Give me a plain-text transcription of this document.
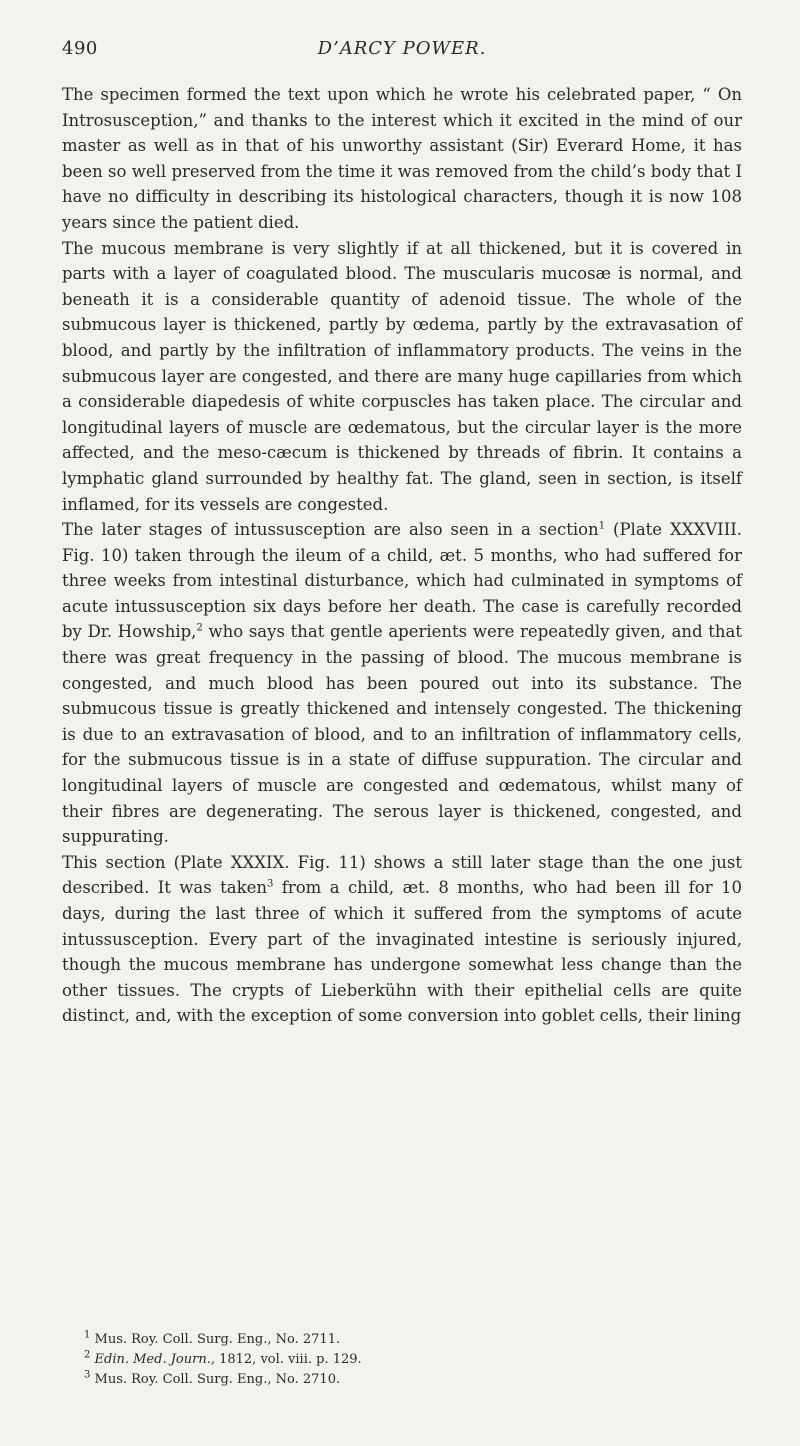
490	D’ARCY POWER.

The specimen formed the text upon which he wrote his celebrated paper, “ On Introsusception,” and thanks to the interest which it excited in the mind of our master as well as in that of his unworthy assistant (Sir) Everard Home, it has been so well preserved from the time it was removed from the child’s body that I have no difficulty in describing its histological characters, though it is now 108 years since the patient died.

The mucous membrane is very slightly if at all thickened, but it is covered in parts with a layer of coagulated blood. The muscularis mucosæ is normal, and beneath it is a considerable quantity of adenoid tissue. The whole of the submucous layer is thickened, partly by œdema, partly by the extravasation of blood, and partly by the infiltration of inflammatory products. The veins in the submucous layer are congested, and there are many huge capillaries from which a considerable diapedesis of white corpuscles has taken place. The circular and longitudinal layers of muscle are œdematous, but the circular layer is the more affected, and the meso-cæcum is thickened by threads of fibrin. It contains a lymphatic gland surrounded by healthy fat. The gland, seen in section, is itself inflamed, for its vessels are congested.

The later stages of intussusception are also seen in a section$^1$ (Plate XXXVIII. Fig. 10) taken through the ileum of a child, æt. 5 months, who had suffered for three weeks from intestinal disturbance, which had culminated in symptoms of acute intussusception six days before her death. The case is carefully recorded by Dr. Howship,$^2$ who says that gentle aperients were repeatedly given, and that there was great frequency in the passing of blood. The mucous membrane is congested, and much blood has been poured out into its substance. The submucous tissue is greatly thickened and intensely congested. The thickening is due to an extravasation of blood, and to an infiltration of inflammatory cells, for the submucous tissue is in a state of diffuse suppuration. The circular and longitudinal layers of muscle are congested and œdematous, whilst many of their fibres are degenerating. The serous layer is thickened, congested, and suppurating.

This section (Plate XXXIX. Fig. 11) shows a still later stage than the one just described. It was taken$^3$ from a child, æt. 8 months, who had been ill for 10 days, during the last three of which it suffered from the symptoms of acute intussusception. Every part of the invaginated intestine is seriously injured, though the mucous membrane has undergone somewhat less change than the other tissues. The crypts of Lieberkühn with their epithelial cells are quite distinct, and, with the exception of some conversion into goblet cells, their lining

$^1$ Mus. Roy. Coll. Surg. Eng., No. 2711.

$^2$ Edin. Med. Journ., 1812, vol. viii. p. 129.

$^3$ Mus. Roy. Coll. Surg. Eng., No. 2710.
